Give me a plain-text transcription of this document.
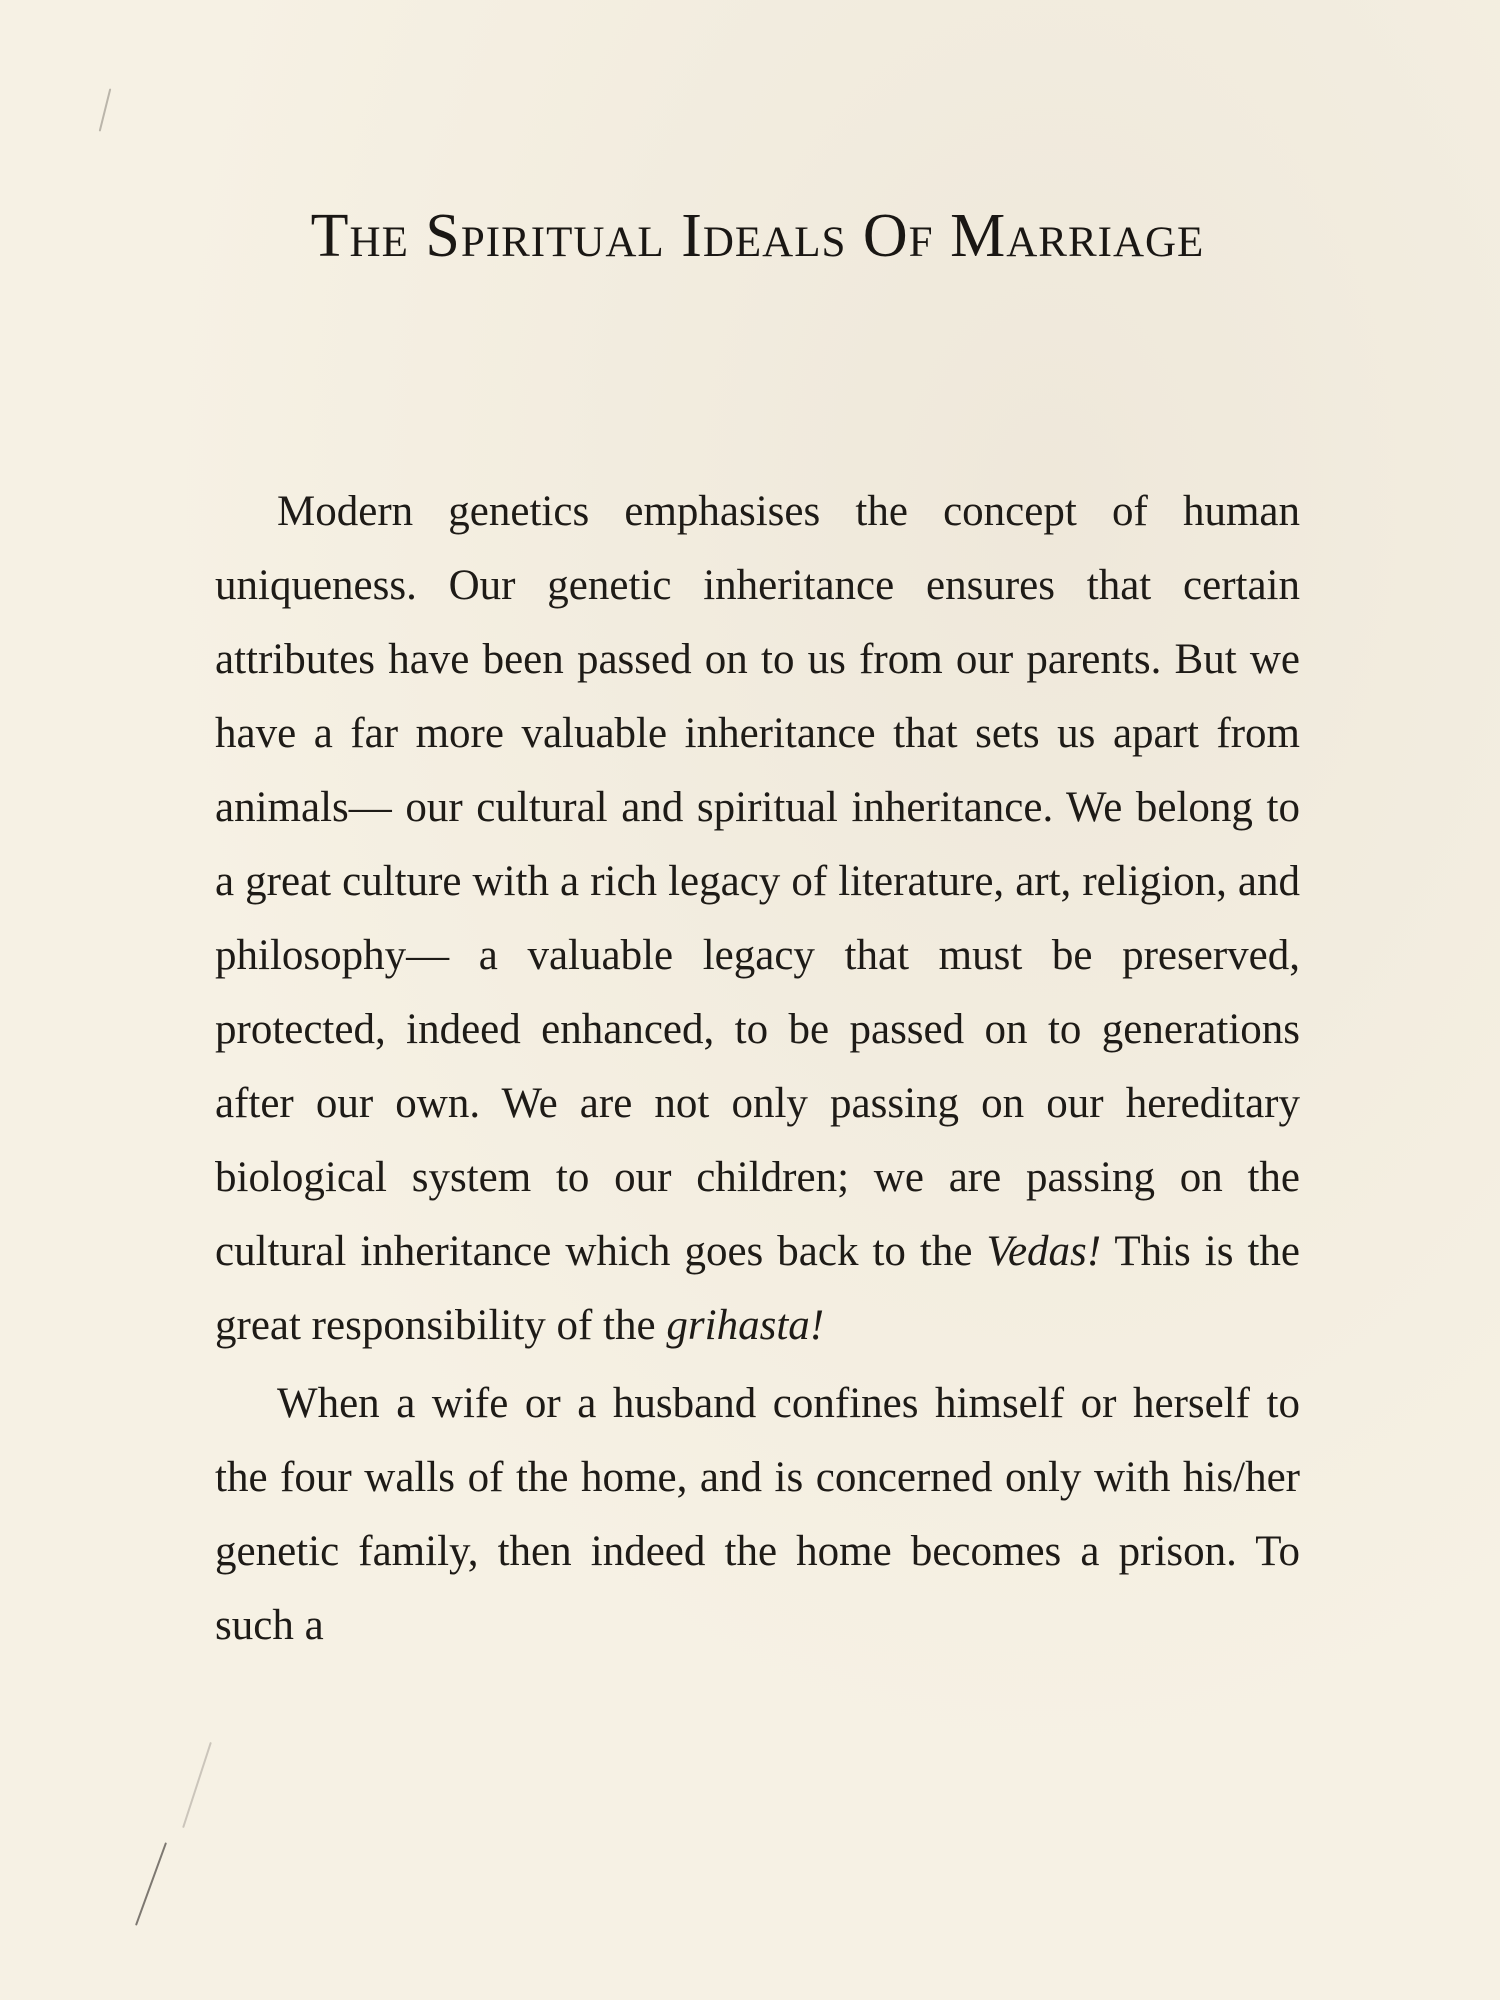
The Spiritual Ideals Of Marriage

Modern genetics emphasises the concept of human uniqueness. Our genetic inheritance ensures that certain attributes have been passed on to us from our parents. But we have a far more valuable inheritance that sets us apart from animals— our cultural and spiritual inheritance. We belong to a great culture with a rich legacy of literature, art, religion, and philosophy— a valuable legacy that must be preserved, protected, indeed enhanced, to be passed on to generations after our own. We are not only passing on our hereditary biological system to our children; we are passing on the cultural inheritance which goes back to the Vedas! This is the great responsibility of the grihasta!

When a wife or a husband confines himself or herself to the four walls of the home, and is concerned only with his/her genetic family, then indeed the home becomes a prison. To such a
